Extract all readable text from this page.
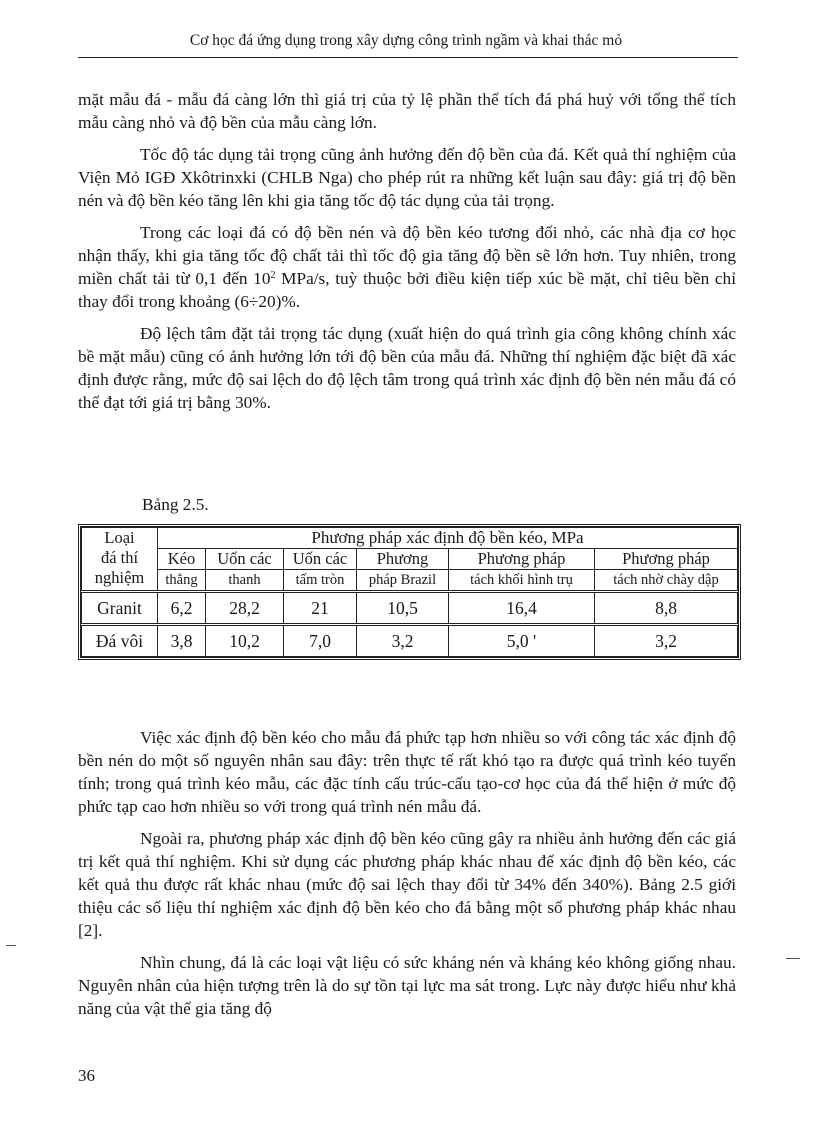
Cơ học đá ứng dụng trong xây dựng công trình ngầm và khai thác mỏ

mặt mẫu đá - mẫu đá càng lớn thì giá trị của tỷ lệ phần thể tích đá phá huỷ với tổng thể tích mẫu càng nhỏ và độ bền của mẫu càng lớn.

Tốc độ tác dụng tải trọng cũng ảnh hưởng đến độ bền của đá. Kết quả thí nghiệm của Viện Mỏ IGĐ Xkôtrinxki (CHLB Nga) cho phép rút ra những kết luận sau đây: giá trị độ bền nén và độ bền kéo tăng lên khi gia tăng tốc độ tác dụng của tải trọng.

Trong các loại đá có độ bền nén và độ bền kéo tương đối nhỏ, các nhà địa cơ học nhận thấy, khi gia tăng tốc độ chất tải thì tốc độ gia tăng độ bền sẽ lớn hơn. Tuy nhiên, trong miền chất tải từ 0,1 đến $10^2$ MPa/s, tuỳ thuộc bởi điều kiện tiếp xúc bề mặt, chỉ tiêu bền chỉ thay đổi trong khoảng (6÷20)%.

Độ lệch tâm đặt tải trọng tác dụng (xuất hiện do quá trình gia công không chính xác bề mặt mẫu) cũng có ảnh hưởng lớn tới độ bền của mẫu đá. Những thí nghiệm đặc biệt đã xác định được rằng, mức độ sai lệch do độ lệch tâm trong quá trình xác định độ bền nén mẫu đá có thể đạt tới giá trị bằng 30%.

Bảng 2.5.
Loại
đá thí
nghiệm	Phương pháp xác định độ bền kéo, MPa					
	Kéo	Uốn các	Uốn các	Phương	Phương pháp	Phương pháp
	thẳng	thanh	tấm tròn	pháp Brazil	tách khối hình trụ	tách nhờ chày dập
Granit	6,2	28,2	21	10,5	16,4	8,8
Đá vôi	3,8	10,2	7,0	3,2	5,0 '	3,2

Việc xác định độ bền kéo cho mẫu đá phức tạp hơn nhiều so với công tác xác định độ bền nén do một số nguyên nhân sau đây: trên thực tế rất khó tạo ra được quá trình kéo tuyến tính; trong quá trình kéo mẫu, các đặc tính cấu trúc-cấu tạo-cơ học của đá thể hiện ở mức độ phức tạp cao hơn nhiều so với trong quá trình nén mẫu đá.

Ngoài ra, phương pháp xác định độ bền kéo cũng gây ra nhiều ảnh hưởng đến các giá trị kết quả thí nghiệm. Khi sử dụng các phương pháp khác nhau để xác định độ bền kéo, các kết quả thu được rất khác nhau (mức độ sai lệch thay đổi từ 34% đến 340%). Bảng 2.5 giới thiệu các số liệu thí nghiệm xác định độ bền kéo cho đá bằng một số phương pháp khác nhau [2].

Nhìn chung, đá là các loại vật liệu có sức kháng nén và kháng kéo không giống nhau. Nguyên nhân của hiện tượng trên là do sự tồn tại lực ma sát trong. Lực này được hiểu như khả năng của vật thể gia tăng độ

36
